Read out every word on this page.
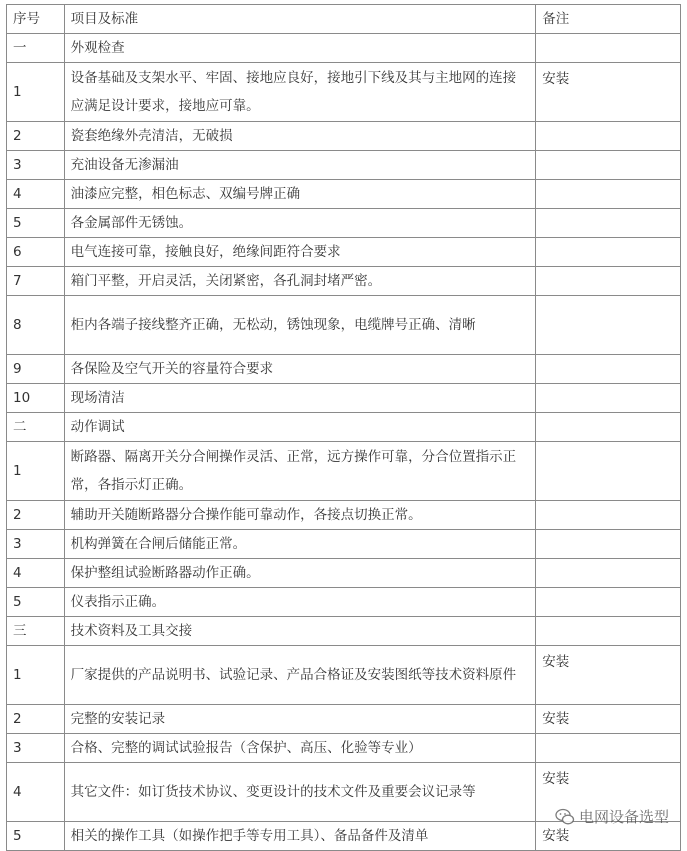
序号	项目及标准	备注
一	外观检查	
1	设备基础及支架水平、牢固、接地应良好，接地引下线及其与主地网的连接应满足设计要求，接地应可靠。	安装
2	瓷套绝缘外壳清洁，无破损	
3	充油设备无渗漏油	
4	油漆应完整，相色标志、双编号牌正确	
5	各金属部件无锈蚀。	
6	电气连接可靠，接触良好，绝缘间距符合要求	
7	箱门平整，开启灵活，关闭紧密，各孔洞封堵严密。	
8	柜内各端子接线整齐正确，无松动，锈蚀现象，电缆牌号正确、清晰	
9	各保险及空气开关的容量符合要求	
10	现场清洁	
二	动作调试	
1	断路器、隔离开关分合闸操作灵活、正常，远方操作可靠，分合位置指示正常，各指示灯正确。	
2	辅助开关随断路器分合操作能可靠动作，各接点切换正常。	
3	机构弹簧在合闸后储能正常。	
4	保护整组试验断路器动作正确。	
5	仪表指示正确。	
三	技术资料及工具交接	
1	厂家提供的产品说明书、试验记录、产品合格证及安装图纸等技术资料原件	安装
2	完整的安装记录	安装
3	合格、完整的调试试验报告（含保护、高压、化验等专业）	
4	其它文件：如订货技术协议、变更设计的技术文件及重要会议记录等	安装
5	相关的操作工具（如操作把手等专用工具）、备品备件及清单	安装
电网设备选型
